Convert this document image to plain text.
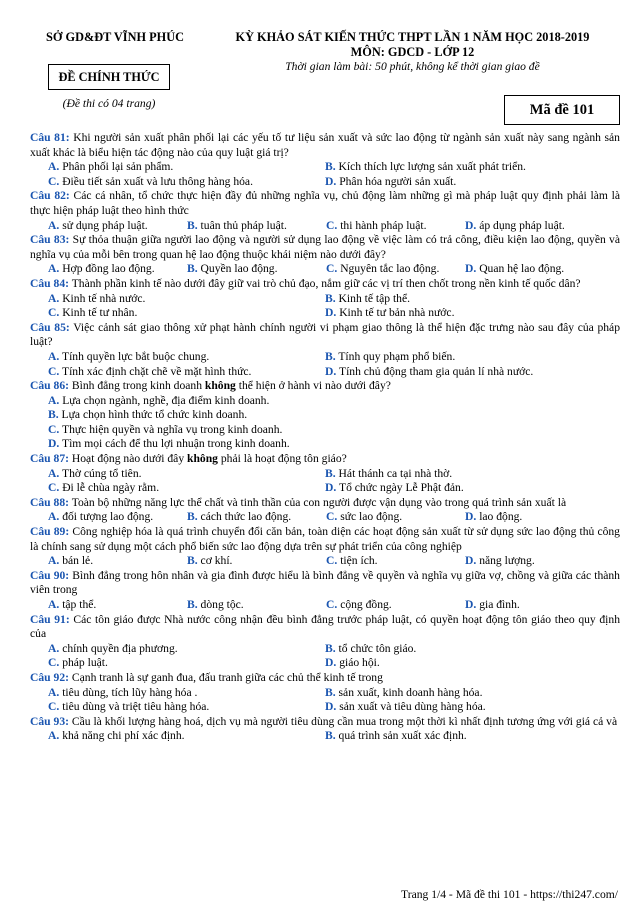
SỞ GD&ĐT VĨNH PHÚC	KỲ KHẢO SÁT KIẾN THỨC THPT LẦN 1 NĂM HỌC 2018-2019
MÔN: GDCD - LỚP 12
Thời gian làm bài: 50 phút, không kể thời gian giao đề
ĐỀ CHÍNH THỨC
(Đề thi có 04 trang)	Mã đề 101
Câu 81: Khi người sản xuất phân phối lại các yếu tố tư liệu sản xuất và sức lao động từ ngành sản xuất này sang ngành sản xuất khác là biểu hiện tác động nào của quy luật giá trị?
A. Phân phối lại sản phẩm.	B. Kích thích lực lượng sản xuất phát triển.
C. Điều tiết sản xuất và lưu thông hàng hóa.	D. Phân hóa người sản xuất.
Câu 82: Các cá nhân, tổ chức thực hiện đầy đủ những nghĩa vụ, chủ động làm những gì mà pháp luật quy định phải làm là thực hiện pháp luật theo hình thức
A. sử dụng pháp luật.	B. tuân thủ pháp luật.	C. thi hành pháp luật.	D. áp dụng pháp luật.
Câu 83: Sự thỏa thuận giữa người lao động và người sử dụng lao động về việc làm có trả công, điều kiện lao động, quyền và nghĩa vụ của mỗi bên trong quan hệ lao động thuộc khái niệm nào dưới đây?
A. Hợp đồng lao động.	B. Quyền lao động.	C. Nguyên tắc lao động.	D. Quan hệ lao động.
Câu 84: Thành phần kinh tế nào dưới đây giữ vai trò chủ đạo, nắm giữ các vị trí then chốt trong nền kinh tế quốc dân?
A. Kinh tế nhà nước.	B. Kinh tế tập thể.
C. Kinh tế tư nhân.	D. Kinh tế tư bản nhà nước.
Câu 85: Việc cảnh sát giao thông xử phạt hành chính người vi phạm giao thông là thể hiện đặc trưng nào sau đây của pháp luật?
A. Tính quyền lực bắt buộc chung.	B. Tính quy phạm phổ biến.
C. Tính xác định chặt chẽ về mặt hình thức.	D. Tính chủ động tham gia quản lí nhà nước.
Câu 86: Bình đẳng trong kinh doanh không thể hiện ở hành vi nào dưới đây?
A. Lựa chọn ngành, nghề, địa điểm kinh doanh.
B. Lựa chọn hình thức tổ chức kinh doanh.
C. Thực hiện quyền và nghĩa vụ trong kinh doanh.
D. Tìm mọi cách để thu lợi nhuận trong kinh doanh.
Câu 87: Hoạt động nào dưới đây không phải là hoạt động tôn giáo?
A. Thờ cúng tổ tiên.	B. Hát thánh ca tại nhà thờ.
C. Đi lễ chùa ngày rằm.	D. Tổ chức ngày Lễ Phật đản.
Câu 88: Toàn bộ những năng lực thể chất và tinh thần của con người được vận dụng vào trong quá trình sản xuất là
A. đối tượng lao động.	B. cách thức lao động.	C. sức lao động.	D. lao động.
Câu 89: Công nghiệp hóa là quá trình chuyển đổi căn bản, toàn diện các hoạt động sản xuất từ sử dụng sức lao động thủ công là chính sang sử dụng một cách phổ biến sức lao động dựa trên sự phát triển của công nghiệp
A. bán lẻ.	B. cơ khí.	C. tiện ích.	D. năng lượng.
Câu 90: Bình đẳng trong hôn nhân và gia đình được hiểu là bình đẳng về quyền và nghĩa vụ giữa vợ, chồng và giữa các thành viên trong
A. tập thể.	B. dòng tộc.	C. cộng đồng.	D. gia đình.
Câu 91: Các tôn giáo được Nhà nước công nhận đều bình đẳng trước pháp luật, có quyền hoạt động tôn giáo theo quy định của
A. chính quyền địa phương.	B. tổ chức tôn giáo.
C. pháp luật.	D. giáo hội.
Câu 92: Cạnh tranh là sự ganh đua, đấu tranh giữa các chủ thể kinh tế trong
A. tiêu dùng, tích lũy hàng hóa .	B. sản xuất, kinh doanh hàng hóa.
C. tiêu dùng và triệt tiêu hàng hóa.	D. sản xuất và tiêu dùng hàng hóa.
Câu 93: Cầu là khối lượng hàng hoá, dịch vụ mà người tiêu dùng cần mua trong một thời kì nhất định tương ứng với giá cả và
A. khả năng chi phí xác định.	B. quá trình sản xuất xác định.
Trang 1/4 - Mã đề thi 101 - https://thi247.com/
